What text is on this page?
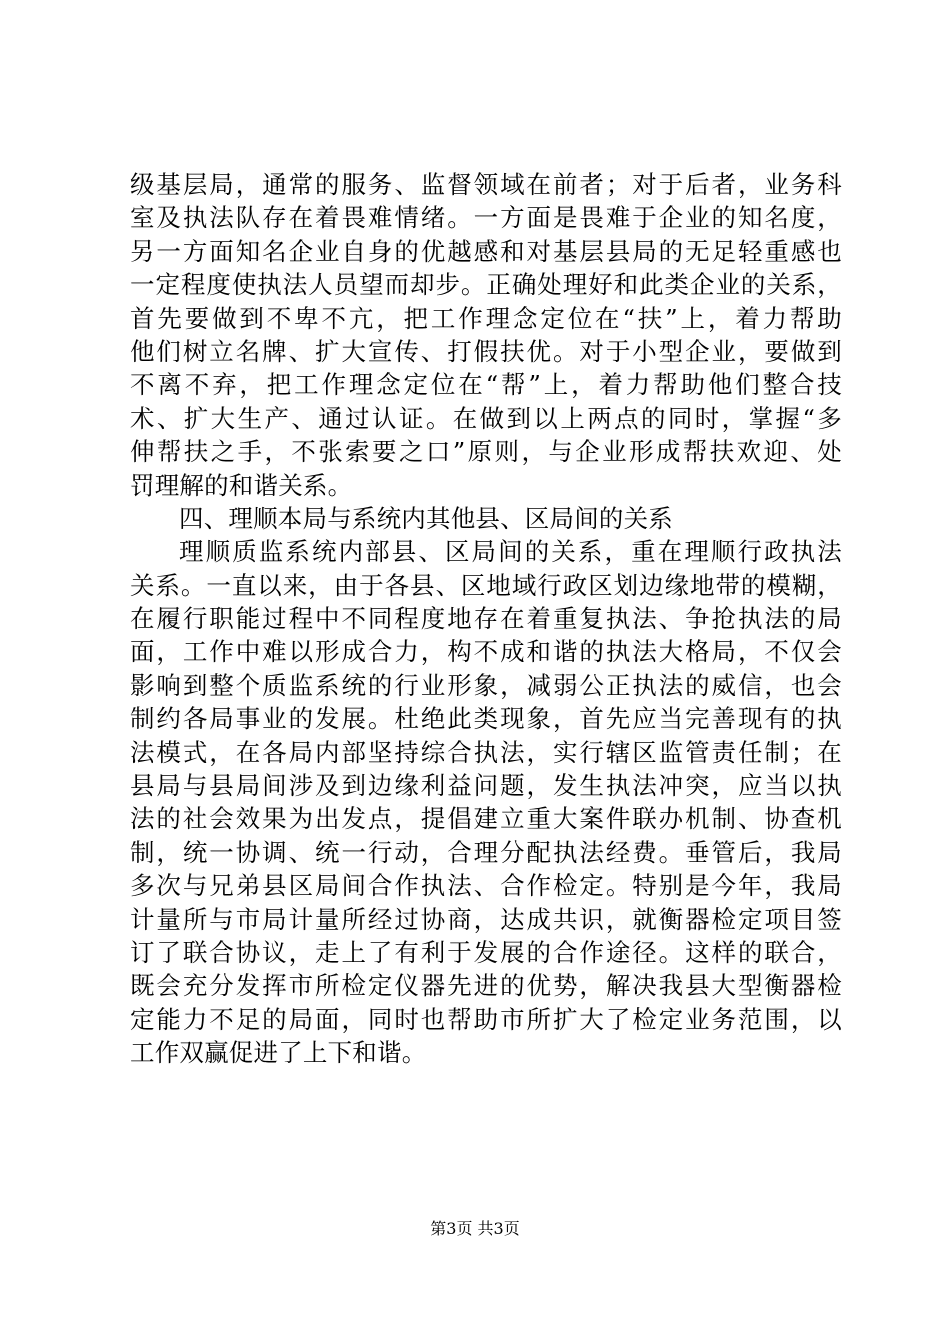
级基层局，通常的服务、监督领域在前者；对于后者，业务科
室及执法队存在着畏难情绪。一方面是畏难于企业的知名度，
另一方面知名企业自身的优越感和对基层县局的无足轻重感也
一定程度使执法人员望而却步。正确处理好和此类企业的关系，
首先要做到不卑不亢，把工作理念定位在“扶”上，着力帮助
他们树立名牌、扩大宣传、打假扶优。对于小型企业，要做到
不离不弃，把工作理念定位在“帮”上，着力帮助他们整合技
术、扩大生产、通过认证。在做到以上两点的同时，掌握“多
伸帮扶之手，不张索要之口”原则，与企业形成帮扶欢迎、处
罚理解的和谐关系。
四、理顺本局与系统内其他县、区局间的关系
理顺质监系统内部县、区局间的关系，重在理顺行政执法
关系。一直以来，由于各县、区地域行政区划边缘地带的模糊，
在履行职能过程中不同程度地存在着重复执法、争抢执法的局
面，工作中难以形成合力，构不成和谐的执法大格局，不仅会
影响到整个质监系统的行业形象，减弱公正执法的威信，也会
制约各局事业的发展。杜绝此类现象，首先应当完善现有的执
法模式，在各局内部坚持综合执法，实行辖区监管责任制；在
县局与县局间涉及到边缘利益问题，发生执法冲突，应当以执
法的社会效果为出发点，提倡建立重大案件联办机制、协查机
制，统一协调、统一行动，合理分配执法经费。垂管后，我局
多次与兄弟县区局间合作执法、合作检定。特别是今年，我局
计量所与市局计量所经过协商，达成共识，就衡器检定项目签
订了联合协议，走上了有利于发展的合作途径。这样的联合，
既会充分发挥市所检定仪器先进的优势，解决我县大型衡器检
定能力不足的局面，同时也帮助市所扩大了检定业务范围，以
工作双赢促进了上下和谐。
第3页 共3页
